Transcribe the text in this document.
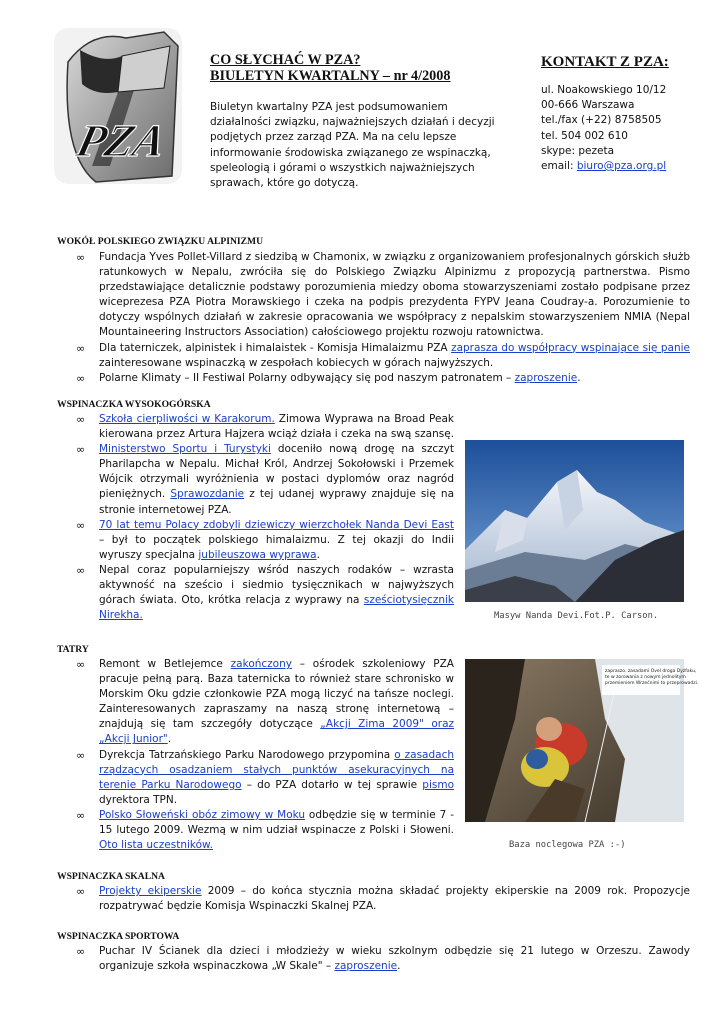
PZA
CO SŁYCHAĆ W PZA?
BIULETYN KWARTALNY – nr 4/2008
Biuletyn kwartalny PZA jest podsumowaniem działalności związku, najważniejszych działań i decyzji podjętych przez zarząd PZA. Ma na celu lepsze informowanie środowiska związanego ze wspinaczką, speleologią i górami o wszystkich najważniejszych sprawach, które go dotyczą.
KONTAKT Z PZA:
ul. Noakowskiego 10/12
00-666 Warszawa
tel./fax (+22) 8758505
tel. 504 002 610
skype: pezeta
email: biuro@pza.org.pl
WOKÓŁ POLSKIEGO ZWIĄZKU ALPINIZMU
∞ Fundacja Yves Pollet-Villard z siedzibą w Chamonix, w związku z organizowaniem profesjonalnych górskich służb ratunkowych w Nepalu, zwróciła się do Polskiego Związku Alpinizmu z propozycją partnerstwa. Pismo przedstawiające detalicznie podstawy porozumienia miedzy oboma stowarzyszeniami zostało podpisane przez wiceprezesa PZA Piotra Morawskiego i czeka na podpis prezydenta FYPV Jeana Coudray-a. Porozumienie to dotyczy wspólnych działań w zakresie opracowania we współpracy z nepalskim stowarzyszeniem NMIA (Nepal Mountaineering Instructors Association) całościowego projektu rozwoju ratownictwa.
∞ Dla taterniczek, alpinistek i himalaistek - Komisja Himalaizmu PZA zaprasza do współpracy wspinające się panie zainteresowane wspinaczką w zespołach kobiecych w górach najwyższych.
∞ Polarne Klimaty – II Festiwal Polarny odbywający się pod naszym patronatem – zaproszenie.
WSPINACZKA WYSOKOGÓRSKA
∞ Szkoła cierpliwości w Karakorum. Zimowa Wyprawa na Broad Peak kierowana przez Artura Hajzera wciąż działa i czeka na swą szansę.
∞ Ministerstwo Sportu i Turystyki doceniło nową drogę na szczyt Pharilapcha w Nepalu. Michał Król, Andrzej Sokołowski i Przemek Wójcik otrzymali wyróżnienia w postaci dyplomów oraz nagród pieniężnych. Sprawozdanie z tej udanej wyprawy znajduje się na stronie internetowej PZA.
∞ 70 lat temu Polacy zdobyli dziewiczy wierzchołek Nanda Devi East – był to początek polskiego himalaizmu. Z tej okazji do Indii wyruszy specjalna jubileuszowa wyprawa.
∞ Nepal coraz popularniejszy wśród naszych rodaków – wzrasta aktywność na sześcio i siedmio tysięcznikach w najwyższych górach świata. Oto, krótka relacja z wyprawy na sześciotysięcznik Nirekha.	Masyw Nanda Devi.Fot.P. Carson.
TATRY
∞ Remont w Betlejemce zakończony – ośrodek szkoleniowy PZA pracuje pełną parą. Baza taternicka to również stare schronisko w Morskim Oku gdzie członkowie PZA mogą liczyć na tańsze noclegi. Zainteresowanych zapraszamy na naszą stronę internetową – znajdują się tam szczegóły dotyczące „Akcji Zima 2009" oraz „Akcji Junior".
∞ Dyrekcja Tatrzańskiego Parku Narodowego przypomina o zasadach rządzących osadzaniem stałych punktów asekuracyjnych na terenie Parku Narodowego – do PZA dotarło w tej sprawie pismo dyrektora TPN.
∞ Polsko Słoweński obóz zimowy w Moku odbędzie się w terminie 7 - 15 lutego 2009. Wezmą w nim udział wspinacze z Polski i Słoweni. Oto lista uczestników.
zapraszo. zasadami Ovel droga Dyżfaku, te w zorowania z nowym jednolitym przemieniem Wrzećnimi to przeprowadzi.
Baza noclegowa PZA :-)
WSPINACZKA SKALNA
∞ Projekty ekiperskie 2009 – do końca stycznia można składać projekty ekiperskie na 2009 rok. Propozycje rozpatrywać będzie Komisja Wspinaczki Skalnej PZA.
WSPINACZKA SPORTOWA
∞ Puchar IV Ścianek dla dzieci i młodzieży w wieku szkolnym odbędzie się 21 lutego w Orzeszu. Zawody organizuje szkoła wspinaczkowa „W Skale" – zaproszenie.
